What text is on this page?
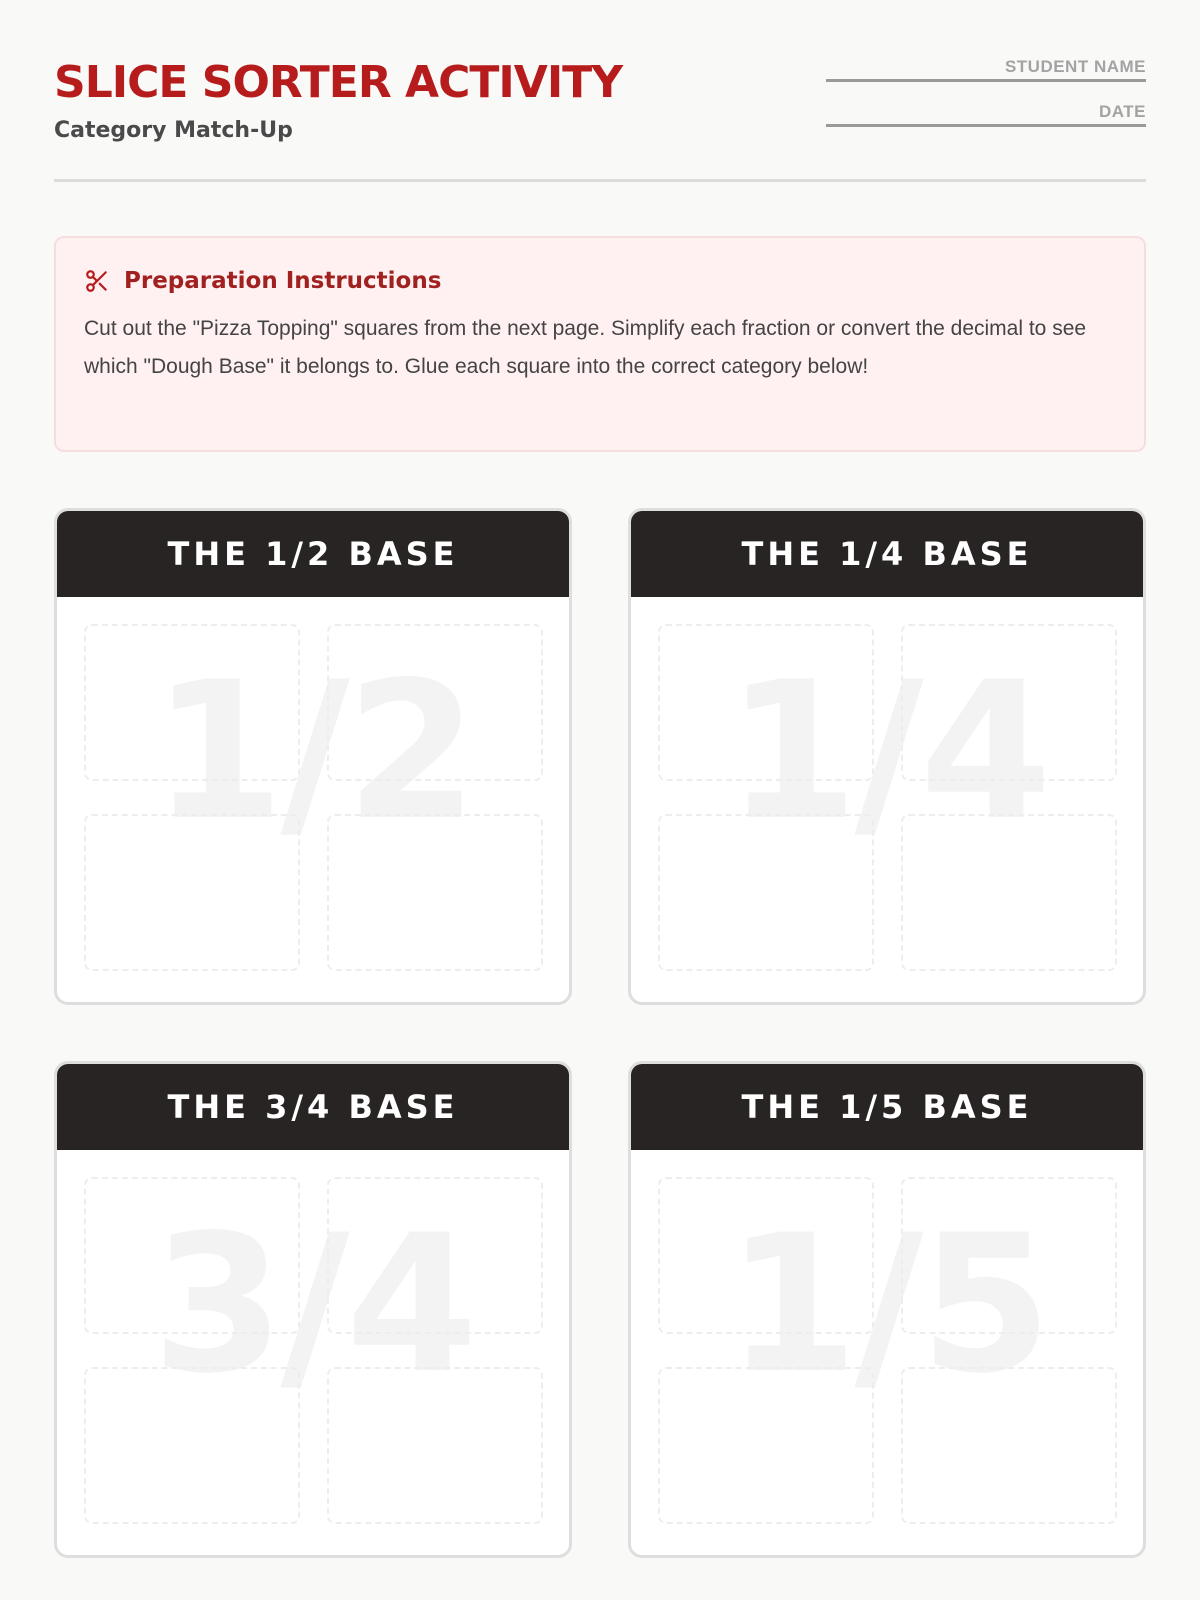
SLICE SORTER ACTIVITY
Category Match-Up
STUDENT NAME
DATE
Preparation Instructions
Cut out the "Pizza Topping" squares from the next page. Simplify each fraction or convert the decimal to see which "Dough Base" it belongs to. Glue each square into the correct category below!
THE 1/2 BASE
1/2
THE 1/4 BASE
1/4
THE 3/4 BASE
3/4
THE 1/5 BASE
1/5
